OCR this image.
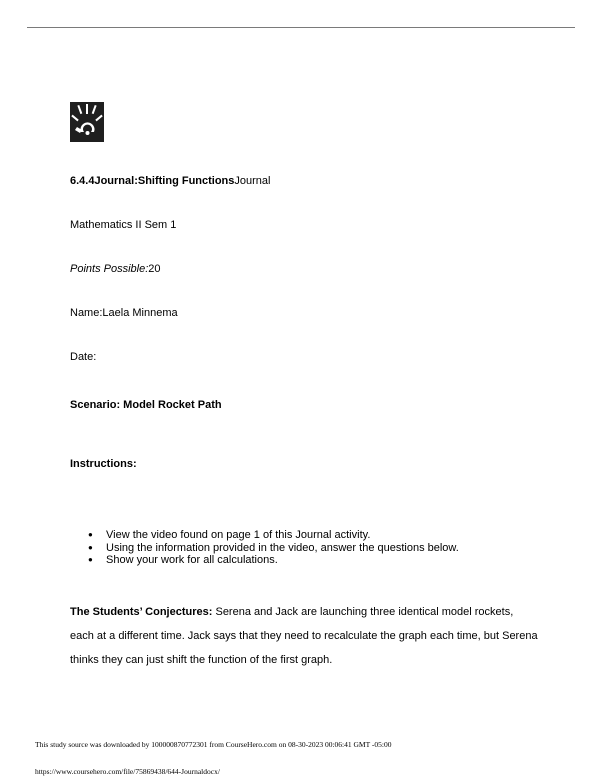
6.4.4Journal:Shifting FunctionsJournal
Mathematics II Sem 1
Points Possible:20
Name:Laela Minnema
Date:
Scenario: Model Rocket Path
Instructions:
● View the video found on page 1 of this Journal activity.
● Using the information provided in the video, answer the questions below.
● Show your work for all calculations.
The Students’ Conjectures: Serena and Jack are launching three identical model rockets,
each at a different time. Jack says that they need to recalculate the graph each time, but Serena
thinks they can just shift the function of the first graph.
This study source was downloaded by 100000870772301 from CourseHero.com on 08-30-2023 00:06:41 GMT -05:00
https://www.coursehero.com/file/75869438/644-Journaldocx/
